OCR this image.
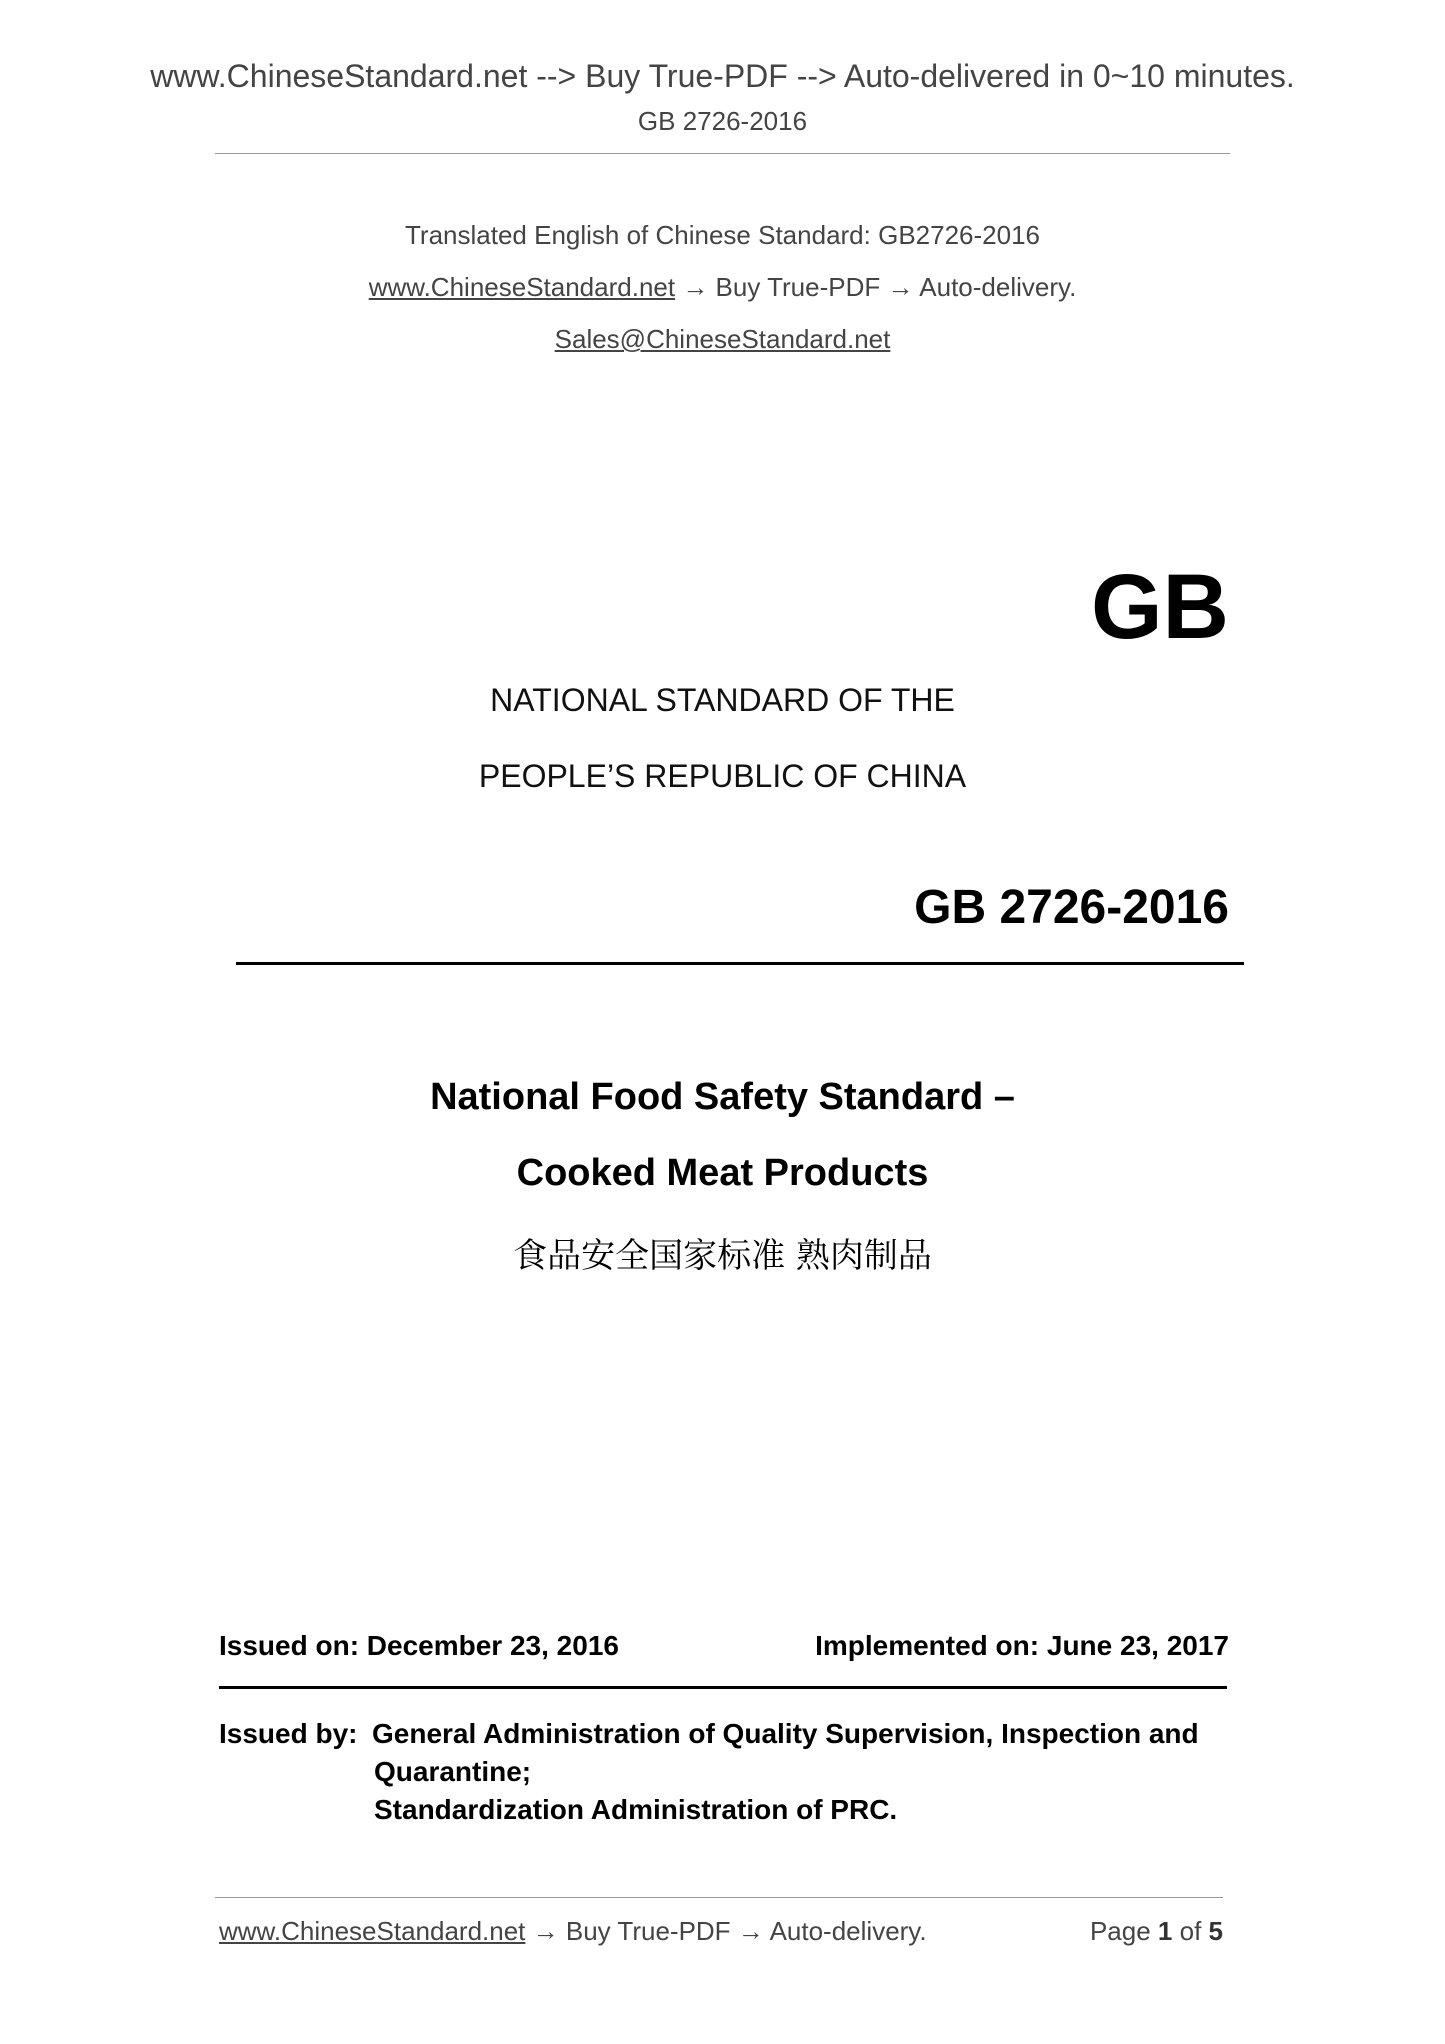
www.ChineseStandard.net --> Buy True-PDF --> Auto-delivered in 0~10 minutes.
GB 2726-2016
Translated English of Chinese Standard: GB2726-2016
www.ChineseStandard.net → Buy True-PDF → Auto-delivery.
Sales@ChineseStandard.net
GB
NATIONAL STANDARD OF THE
PEOPLE’S REPUBLIC OF CHINA
GB 2726-2016
National Food Safety Standard –
Cooked Meat Products
食品安全国家标准 熟肉制品
Issued on: December 23, 2016	Implemented on: June 23, 2017
Issued by: General Administration of Quality Supervision, Inspection and
Quarantine;
Standardization Administration of PRC.
www.ChineseStandard.net → Buy True-PDF → Auto-delivery.	Page 1 of 5
